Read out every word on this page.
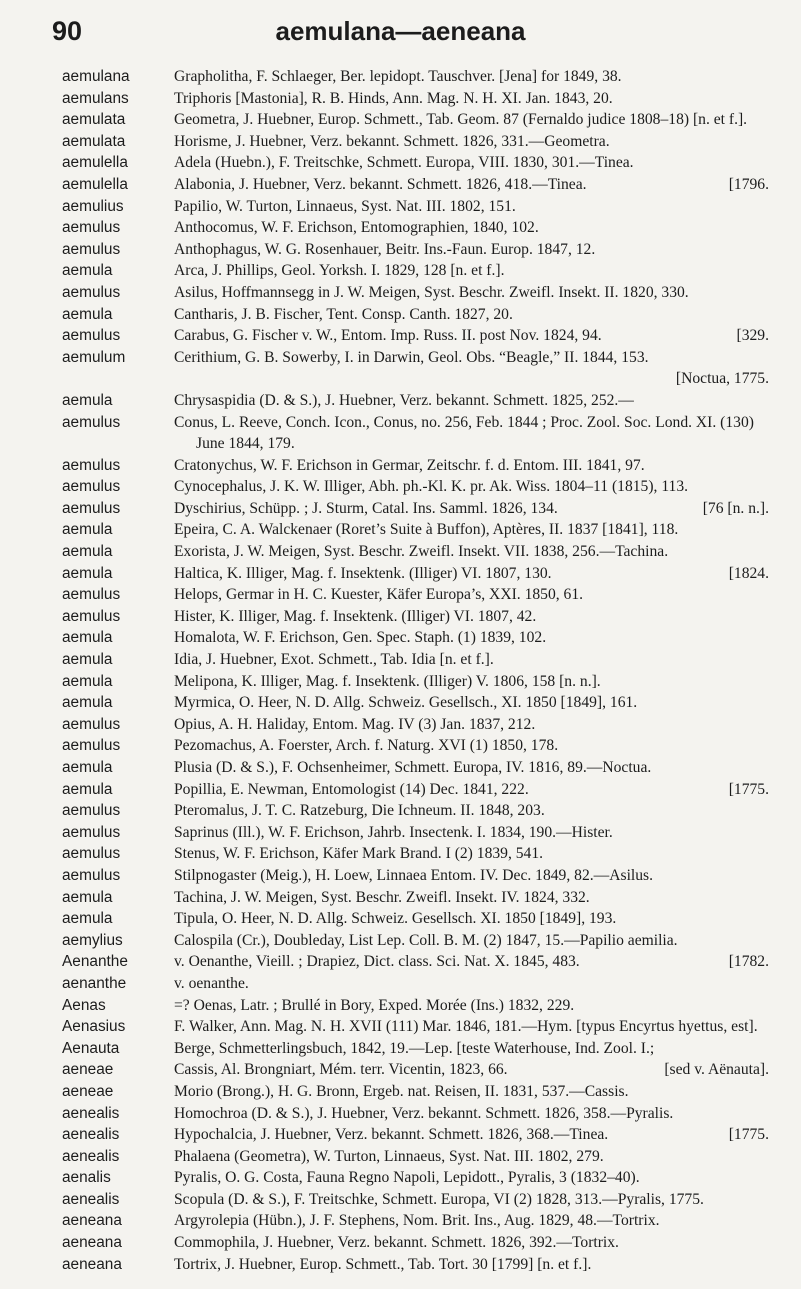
90	aemulana—aeneana
aemulana	Grapholitha, F. Schlaeger, Ber. lepidopt. Tauschver. [Jena] for 1849, 38.
aemulans	Triphoris [Mastonia], R. B. Hinds, Ann. Mag. N. H. XI. Jan. 1843, 20.
aemulata	Geometra, J. Huebner, Europ. Schmett., Tab. Geom. 87 (Fernaldo judice 1808–18) [n. et f.].
aemulata	Horisme, J. Huebner, Verz. bekannt. Schmett. 1826, 331.—Geometra.
aemulella	Adela (Huebn.), F. Treitschke, Schmett. Europa, VIII. 1830, 301.—Tinea.
aemulella	Alabonia, J. Huebner, Verz. bekannt. Schmett. 1826, 418.—Tinea.	[1796.
aemulius	Papilio, W. Turton, Linnaeus, Syst. Nat. III. 1802, 151.
aemulus	Anthocomus, W. F. Erichson, Entomographien, 1840, 102.
aemulus	Anthophagus, W. G. Rosenhauer, Beitr. Ins.-Faun. Europ. 1847, 12.
aemula	Arca, J. Phillips, Geol. Yorksh. I. 1829, 128 [n. et f.].
aemulus	Asilus, Hoffmannsegg in J. W. Meigen, Syst. Beschr. Zweifl. Insekt. II. 1820, 330.
aemula	Cantharis, J. B. Fischer, Tent. Consp. Canth. 1827, 20.
aemulus	Carabus, G. Fischer v. W., Entom. Imp. Russ. II. post Nov. 1824, 94.	[329.
aemulum	Cerithium, G. B. Sowerby, I. in Darwin, Geol. Obs. “Beagle,” II. 1844, 153.
[Noctua, 1775.
aemula	Chrysaspidia (D. & S.), J. Huebner, Verz. bekannt. Schmett. 1825, 252.—
aemulus	Conus, L. Reeve, Conch. Icon., Conus, no. 256, Feb. 1844 ; Proc. Zool. Soc. Lond. XI. (130) June 1844, 179.
aemulus	Cratonychus, W. F. Erichson in Germar, Zeitschr. f. d. Entom. III. 1841, 97.
aemulus	Cynocephalus, J. K. W. Illiger, Abh. ph.-Kl. K. pr. Ak. Wiss. 1804–11 (1815), 113.
aemulus	Dyschirius, Schüpp. ; J. Sturm, Catal. Ins. Samml. 1826, 134.	[76 [n. n.].
aemula	Epeira, C. A. Walckenaer (Roret’s Suite à Buffon), Aptères, II. 1837 [1841], 118.
aemula	Exorista, J. W. Meigen, Syst. Beschr. Zweifl. Insekt. VII. 1838, 256.—Tachina.
aemula	Haltica, K. Illiger, Mag. f. Insektenk. (Illiger) VI. 1807, 130.	[1824.
aemulus	Helops, Germar in H. C. Kuester, Käfer Europa’s, XXI. 1850, 61.
aemulus	Hister, K. Illiger, Mag. f. Insektenk. (Illiger) VI. 1807, 42.
aemula	Homalota, W. F. Erichson, Gen. Spec. Staph. (1) 1839, 102.
aemula	Idia, J. Huebner, Exot. Schmett., Tab. Idia [n. et f.].
aemula	Melipona, K. Illiger, Mag. f. Insektenk. (Illiger) V. 1806, 158 [n. n.].
aemula	Myrmica, O. Heer, N. D. Allg. Schweiz. Gesellsch., XI. 1850 [1849], 161.
aemulus	Opius, A. H. Haliday, Entom. Mag. IV (3) Jan. 1837, 212.
aemulus	Pezomachus, A. Foerster, Arch. f. Naturg. XVI (1) 1850, 178.
aemula	Plusia (D. & S.), F. Ochsenheimer, Schmett. Europa, IV. 1816, 89.—Noctua.
aemula	Popillia, E. Newman, Entomologist (14) Dec. 1841, 222.	[1775.
aemulus	Pteromalus, J. T. C. Ratzeburg, Die Ichneum. II. 1848, 203.
aemulus	Saprinus (Ill.), W. F. Erichson, Jahrb. Insectenk. I. 1834, 190.—Hister.
aemulus	Stenus, W. F. Erichson, Käfer Mark Brand. I (2) 1839, 541.
aemulus	Stilpnogaster (Meig.), H. Loew, Linnaea Entom. IV. Dec. 1849, 82.—Asilus.
aemula	Tachina, J. W. Meigen, Syst. Beschr. Zweifl. Insekt. IV. 1824, 332.
aemula	Tipula, O. Heer, N. D. Allg. Schweiz. Gesellsch. XI. 1850 [1849], 193.
aemylius	Calospila (Cr.), Doubleday, List Lep. Coll. B. M. (2) 1847, 15.—Papilio aemilia.
Aenanthe	v. Oenanthe, Vieill. ; Drapiez, Dict. class. Sci. Nat. X. 1845, 483.	[1782.
aenanthe	v. oenanthe.
Aenas	=? Oenas, Latr. ; Brullé in Bory, Exped. Morée (Ins.) 1832, 229.
Aenasius	F. Walker, Ann. Mag. N. H. XVII (111) Mar. 1846, 181.—Hym. [typus Encyrtus hyettus, est].
Aenauta	Berge, Schmetterlingsbuch, 1842, 19.—Lep. [teste Waterhouse, Ind. Zool. I.;
aeneae	Cassis, Al. Brongniart, Mém. terr. Vicentin, 1823, 66.	[sed v. Aënauta].
aeneae	Morio (Brong.), H. G. Bronn, Ergeb. nat. Reisen, II. 1831, 537.—Cassis.
aenealis	Homochroa (D. & S.), J. Huebner, Verz. bekannt. Schmett. 1826, 358.—Pyralis.
aenealis	Hypochalcia, J. Huebner, Verz. bekannt. Schmett. 1826, 368.—Tinea.	[1775.
aenealis	Phalaena (Geometra), W. Turton, Linnaeus, Syst. Nat. III. 1802, 279.
aenalis	Pyralis, O. G. Costa, Fauna Regno Napoli, Lepidott., Pyralis, 3 (1832–40).
aenealis	Scopula (D. & S.), F. Treitschke, Schmett. Europa, VI (2) 1828, 313.—Pyralis, 1775.
aeneana	Argyrolepia (Hübn.), J. F. Stephens, Nom. Brit. Ins., Aug. 1829, 48.—Tortrix.
aeneana	Commophila, J. Huebner, Verz. bekannt. Schmett. 1826, 392.—Tortrix.
aeneana	Tortrix, J. Huebner, Europ. Schmett., Tab. Tort. 30 [1799] [n. et f.].
